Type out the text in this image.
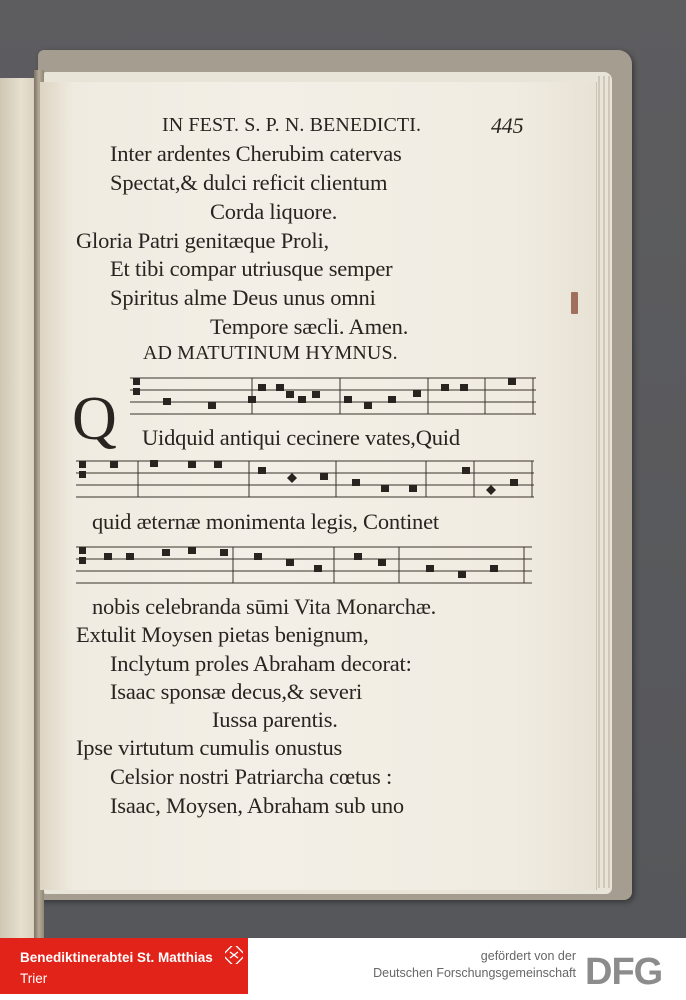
IN FEST. S. P. N. BENEDICTI.	445
Inter ardentes Cherubim catervas
Spectat,& dulci reficit clientum
Corda liquore.
Gloria Patri genitæque Proli,
Et tibi compar utriusque semper
Spiritus alme Deus unus omni
Tempore sæcli. Amen.
AD MATUTINUM HYMNUS.
Q Uidquid antiqui cecinere vates,Quid
quid æternæ monimenta legis, Continet
nobis celebranda sūmi Vita Monarchæ.
Extulit Moysen pietas benignum,
Inclytum proles Abraham decorat:
Isaac sponsæ decus,& severi
Iussa parentis.
Ipse virtutum cumulis onustus
Celsior nostri Patriarcha cœtus :
Isaac, Moysen, Abraham sub uno
Benediktinerabtei St. Matthias
Trier
gefördert von der
Deutschen Forschungsgemeinschaft DFG
